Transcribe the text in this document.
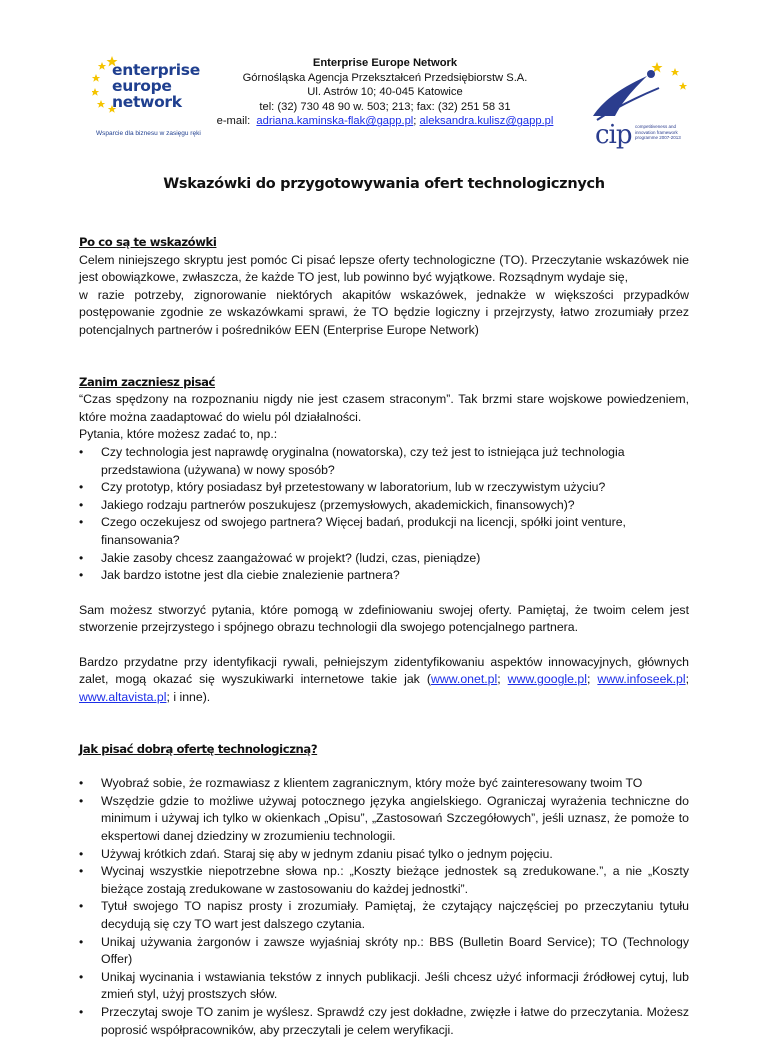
enterprise
europe
network
Wsparcie dla biznesu w zasięgu ręki
Enterprise Europe Network
Górnośląska Agencja Przekształceń Przedsiębiorstw S.A.
Ul. Astrów 10; 40-045 Katowice
tel: (32) 730 48 90 w. 503; 213; fax: (32) 251 58 31
e-mail:  adriana.kaminska-flak@gapp.pl; aleksandra.kulisz@gapp.pl cip competitiveness and innovation framework programme 2007-2013
Wskazówki do przygotowywania ofert technologicznych
Po co są te wskazówki

Celem niniejszego skryptu jest pomóc Ci pisać lepsze oferty technologiczne (TO). Przeczytanie wskazówek nie jest obowiązkowe, zwłaszcza, że każde TO jest, lub powinno być wyjątkowe. Rozsądnym wydaje się,

w razie potrzeby, zignorowanie niektórych akapitów wskazówek, jednakże w większości przypadków postępowanie zgodnie ze wskazówkami sprawi, że TO będzie logiczny i przejrzysty, łatwo zrozumiały przez potencjalnych partnerów i pośredników EEN (Enterprise Europe Network)

Zanim zaczniesz pisać

“Czas spędzony na rozpoznaniu nigdy nie jest czasem straconym”. Tak brzmi stare wojskowe powiedzeniem, które można zaadaptować do wielu pól działalności.

Pytania, które możesz zadać to, np.:

• Czy technologia jest naprawdę oryginalna (nowatorska), czy też jest to istniejąca już technologia przedstawiona (używana) w nowy sposób?
• Czy prototyp, który posiadasz był przetestowany w laboratorium, lub w rzeczywistym użyciu?
• Jakiego rodzaju partnerów poszukujesz (przemysłowych, akademickich, finansowych)?
• Czego oczekujesz od swojego partnera? Więcej badań, produkcji na licencji, spółki joint venture, finansowania?
• Jakie zasoby chcesz zaangażować w projekt? (ludzi, czas, pieniądze)
• Jak bardzo istotne jest dla ciebie znalezienie partnera?

Sam możesz stworzyć pytania, które pomogą w zdefiniowaniu swojej oferty. Pamiętaj, że twoim celem jest stworzenie przejrzystego i spójnego obrazu technologii dla swojego potencjalnego partnera.

Bardzo przydatne przy identyfikacji rywali, pełniejszym zidentyfikowaniu aspektów innowacyjnych, głównych zalet, mogą okazać się wyszukiwarki internetowe takie jak (www.onet.pl; www.google.pl; www.infoseek.pl; www.altavista.pl; i inne).

Jak pisać dobrą ofertę technologiczną?
• Wyobraź sobie, że rozmawiasz z klientem zagranicznym, który może być zainteresowany twoim TO
• Wszędzie gdzie to możliwe używaj potocznego języka angielskiego. Ograniczaj wyrażenia techniczne do minimum i używaj ich tylko w okienkach „Opisu”, „Zastosowań Szczegółowych”, jeśli uznasz, że pomoże to ekspertowi danej dziedziny w zrozumieniu technologii.
• Używaj krótkich zdań. Staraj się aby w jednym zdaniu pisać tylko o jednym pojęciu.
• Wycinaj wszystkie niepotrzebne słowa np.: „Koszty bieżące jednostek są zredukowane.”, a nie „Koszty bieżące zostają zredukowane w zastosowaniu do każdej jednostki”.
• Tytuł swojego TO napisz prosty i zrozumiały. Pamiętaj, że czytający najczęściej po przeczytaniu tytułu decydują się czy TO wart jest dalszego czytania.
• Unikaj używania żargonów i zawsze wyjaśniaj skróty np.: BBS (Bulletin Board Service); TO (Technology Offer)
• Unikaj wycinania i wstawiania tekstów z innych publikacji. Jeśli chcesz użyć informacji źródłowej cytuj, lub zmień styl, użyj prostszych słów.
• Przeczytaj swoje TO zanim je wyślesz. Sprawdź czy jest dokładne, zwięzłe i łatwe do przeczytania. Możesz poprosić współpracowników, aby przeczytali je celem weryfikacji.
